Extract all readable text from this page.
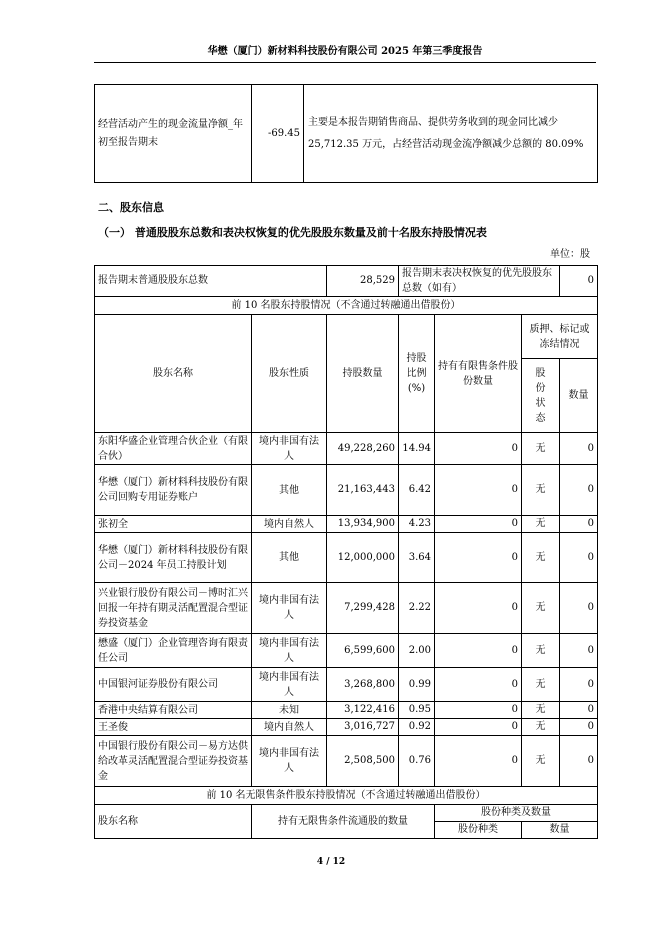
华懋（厦门）新材料科技股份有限公司 2025 年第三季度报告
经营活动产生的现金流量净额_年初至报告期末	-69.45	主要是本报告期销售商品、提供劳务收到的现金同比减少 25,712.35 万元，占经营活动现金流净额减少总额的 80.09%
二、股东信息
（一） 普通股股东总数和表决权恢复的优先股股东数量及前十名股东持股情况表
单位：股
报告期末普通股股东总数		28,529	报告期末表决权恢复的优先股股东总数（如有）			0
前 10 名股东持股情况（不含通过转融通出借股份）						
股东名称	股东性质	持股数量	持股比例(%)	持有有限售条件股份数量	质押、标记或冻结情况	
					股份状态	数量
东阳华盛企业管理合伙企业（有限合伙）	境内非国有法人	49,228,260	14.94	0	无	0
华懋（厦门）新材料科技股份有限公司回购专用证券账户	其他	21,163,443	6.42	0	无	0
张初全	境内自然人	13,934,900	4.23	0	无	0
华懋（厦门）新材料科技股份有限公司－2024 年员工持股计划	其他	12,000,000	3.64	0	无	0
兴业银行股份有限公司－博时汇兴回报一年持有期灵活配置混合型证券投资基金	境内非国有法人	7,299,428	2.22	0	无	0
懋盛（厦门）企业管理咨询有限责任公司	境内非国有法人	6,599,600	2.00	0	无	0
中国银河证券股份有限公司	境内非国有法人	3,268,800	0.99	0	无	0
香港中央结算有限公司	未知	3,122,416	0.95	0	无	0
王圣俊	境内自然人	3,016,727	0.92	0	无	0
中国银行股份有限公司－易方达供给改革灵活配置混合型证券投资基金	境内非国有法人	2,508,500	0.76	0	无	0
前 10 名无限售条件股东持股情况（不含通过转融通出借股份）						
股东名称	持有无限售条件流通股的数量			股份种类及数量		
				股份种类	数量	
4 / 12
